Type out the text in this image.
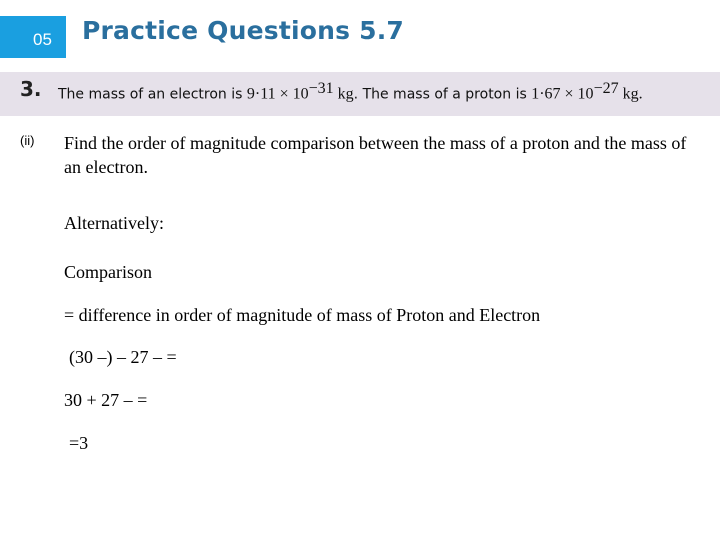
05	Practice Questions 5.7
3. The mass of an electron is $9\cdot 11 \times 10^{-31}$ kg. The mass of a proton is $1\cdot 67 \times 10^{-27}$ kg.
(ii) Find the order of magnitude comparison between the mass of a proton and the mass of an electron.
Alternatively:
Comparison
= difference in order of magnitude of mass of Proton and Electron
(30 –) – 27 – =
30 + 27 – =
=3
